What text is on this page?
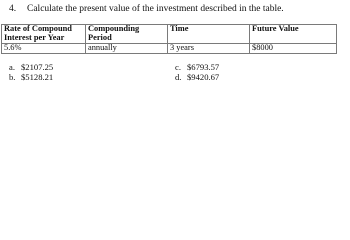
4. Calculate the present value of the investment described in the table.
Rate of Compound Interest per Year	Compounding Period	Time	Future Value
5.6%	annually	3 years	$8000
a. $2107.25
b. $5128.21
c. $6793.57
d. $9420.67
